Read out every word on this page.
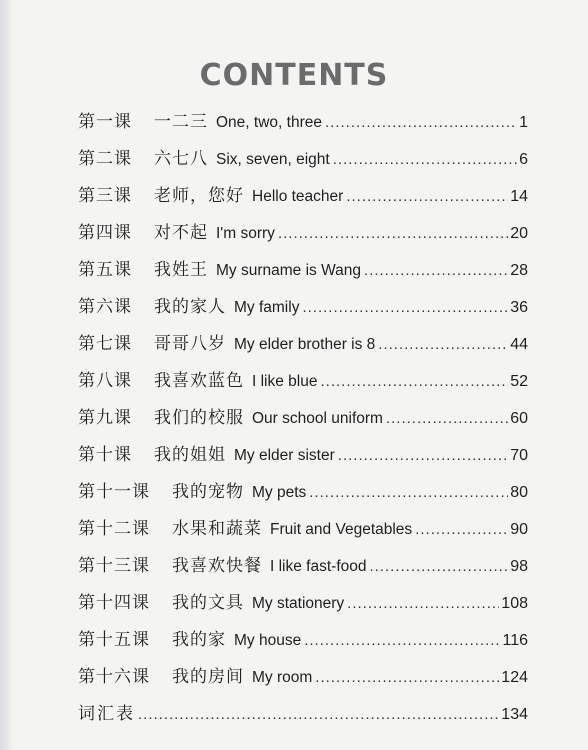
CONTENTS
第一课 一二三 One, two, three .....	1
第二课 六七八 Six, seven, eight .....	6
第三课 老师，您好 Hello teacher .....	14
第四课 对不起 I'm sorry .....	20
第五课 我姓王 My surname is Wang .....	28
第六课 我的家人 My family .....	36
第七课 哥哥八岁 My elder brother is 8 .....	44
第八课 我喜欢蓝色 I like blue .....	52
第九课 我们的校服 Our school uniform .....	60
第十课 我的姐姐 My elder sister .....	70
第十一课 我的宠物 My pets .....	80
第十二课 水果和蔬菜 Fruit and Vegetables .....	90
第十三课 我喜欢快餐 I like fast-food .....	98
第十四课 我的文具 My stationery .....	108
第十五课 我的家 My house .....	116
第十六课 我的房间 My room .....	124
词汇表 .....	134
